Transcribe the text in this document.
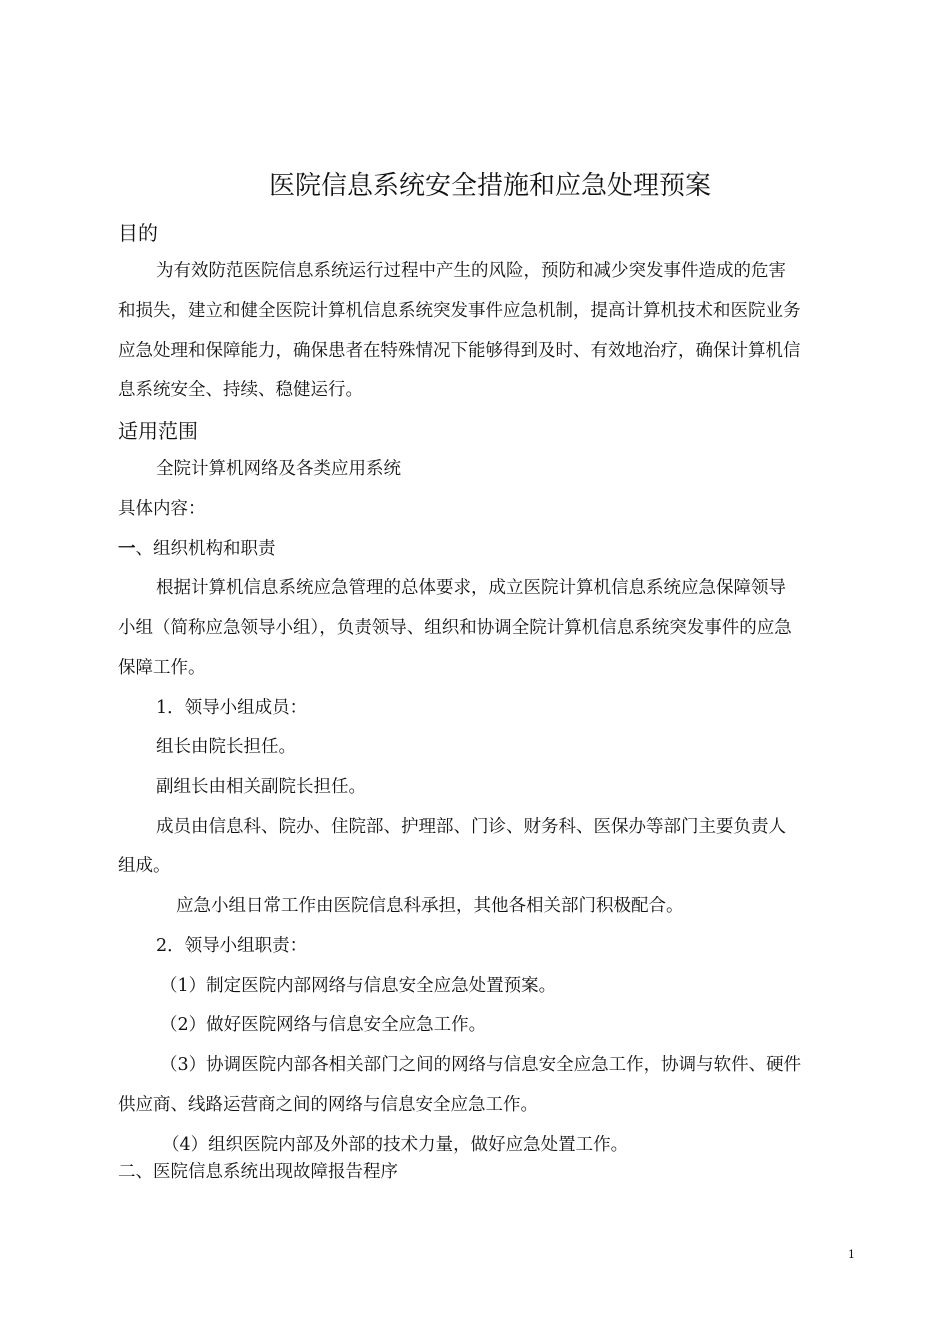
医院信息系统安全措施和应急处理预案
目的
为有效防范医院信息系统运行过程中产生的风险，预防和减少突发事件造成的危害
和损失，建立和健全医院计算机信息系统突发事件应急机制，提高计算机技术和医院业务
应急处理和保障能力，确保患者在特殊情况下能够得到及时、有效地治疗，确保计算机信
息系统安全、持续、稳健运行。
适用范围
全院计算机网络及各类应用系统
具体内容：
一、组织机构和职责
根据计算机信息系统应急管理的总体要求，成立医院计算机信息系统应急保障领导
小组（简称应急领导小组），负责领导、组织和协调全院计算机信息系统突发事件的应急
保障工作。
1．领导小组成员：
组长由院长担任。
副组长由相关副院长担任。
成员由信息科、院办、住院部、护理部、门诊、财务科、医保办等部门主要负责人
组成。
应急小组日常工作由医院信息科承担，其他各相关部门积极配合。
2．领导小组职责：
（1）制定医院内部网络与信息安全应急处置预案。
（2）做好医院网络与信息安全应急工作。
（3）协调医院内部各相关部门之间的网络与信息安全应急工作，协调与软件、硬件
供应商、线路运营商之间的网络与信息安全应急工作。
（4）组织医院内部及外部的技术力量，做好应急处置工作。
二、医院信息系统出现故障报告程序
1
